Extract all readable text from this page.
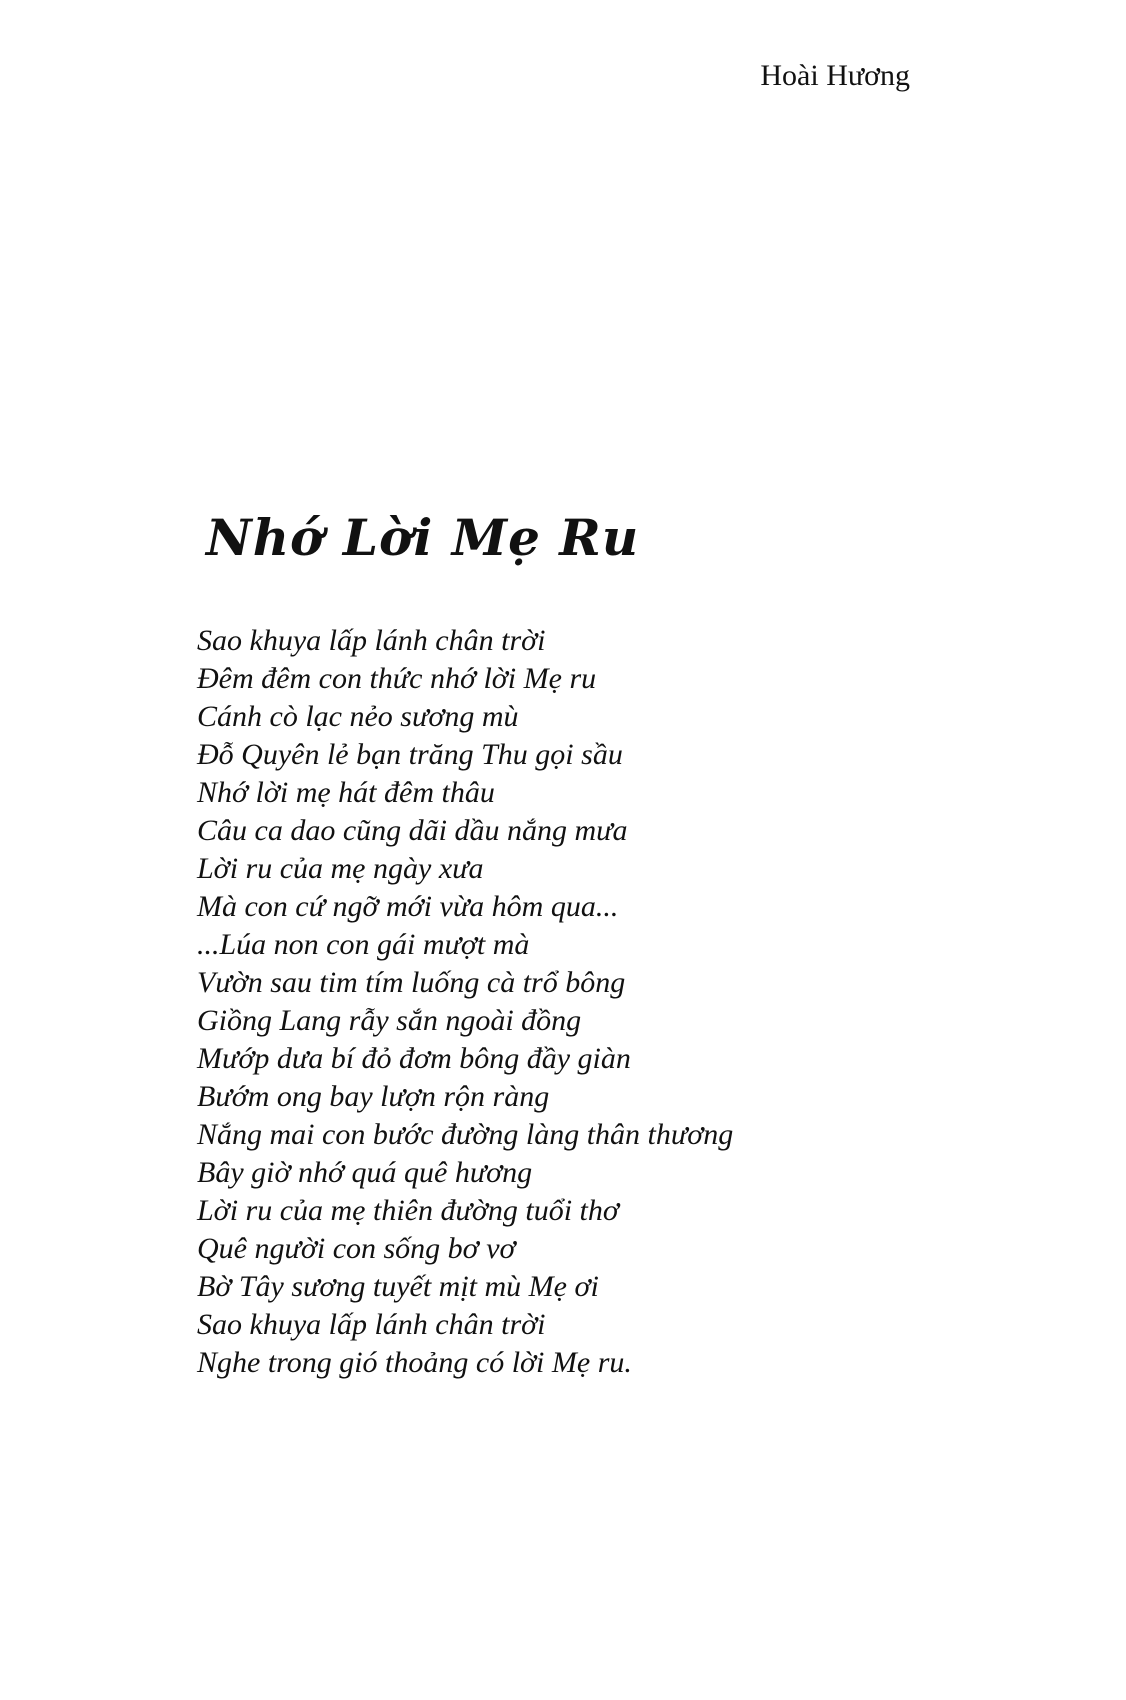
Hoài Hương
Nhớ Lời Mẹ Ru
Sao khuya lấp lánh chân trời
Đêm đêm con thức nhớ lời Mẹ ru
Cánh cò lạc nẻo sương mù
Đỗ Quyên lẻ bạn trăng Thu gọi sầu
Nhớ lời mẹ hát đêm thâu
Câu ca dao cũng dãi dầu nắng mưa
Lời ru của mẹ ngày xưa
Mà con cứ ngỡ mới vừa hôm qua...
...Lúa non con gái mượt mà
Vườn sau tim tím luống cà trổ bông
Giồng Lang rẫy sắn ngoài đồng
Mướp dưa bí đỏ đơm bông đầy giàn
Bướm ong bay lượn rộn ràng
Nắng mai con bước đường làng thân thương
Bây giờ nhớ quá quê hương
Lời ru của mẹ thiên đường tuổi thơ
Quê người con sống bơ vơ
Bờ Tây sương tuyết mịt mù Mẹ ơi
Sao khuya lấp lánh chân trời
Nghe trong gió thoảng có lời Mẹ ru.
